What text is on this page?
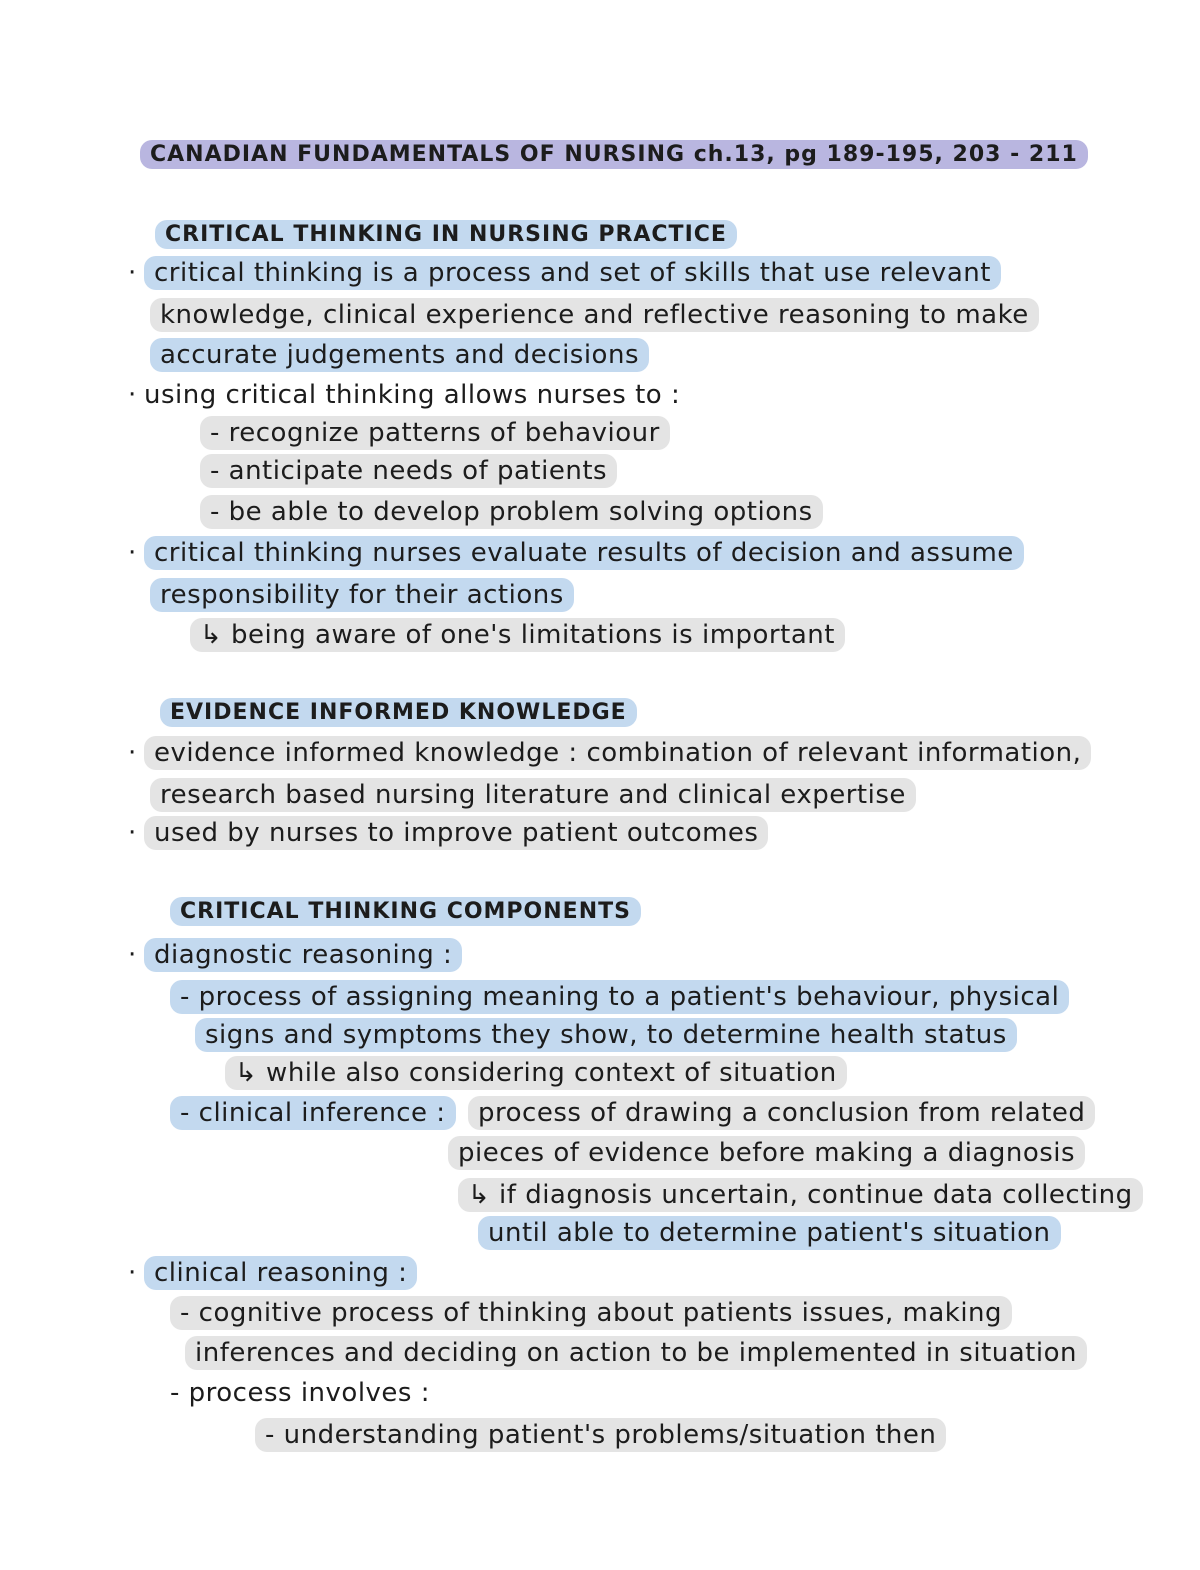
CANADIAN FUNDAMENTALS OF NURSING ch.13, pg 189-195, 203 - 211
CRITICAL THINKING IN NURSING PRACTICE
· critical thinking is a process and set of skills that use relevant
knowledge, clinical experience and reflective reasoning to make
accurate judgements and decisions
· using critical thinking allows nurses to :
- recognize patterns of behaviour
- anticipate needs of patients
- be able to develop problem solving options
· critical thinking nurses evaluate results of decision and assume
responsibility for their actions
↳ being aware of one's limitations is important
EVIDENCE INFORMED KNOWLEDGE
· evidence informed knowledge : combination of relevant information,
research based nursing literature and clinical expertise
· used by nurses to improve patient outcomes
CRITICAL THINKING COMPONENTS
· diagnostic reasoning :
- process of assigning meaning to a patient's behaviour, physical
signs and symptoms they show, to determine health status
↳ while also considering context of situation
- clinical inference :	process of drawing a conclusion from related
pieces of evidence before making a diagnosis
↳ if diagnosis uncertain, continue data collecting
until able to determine patient's situation
· clinical reasoning :
- cognitive process of thinking about patients issues, making
inferences and deciding on action to be implemented in situation
- process involves :
- understanding patient's problems/situation then
